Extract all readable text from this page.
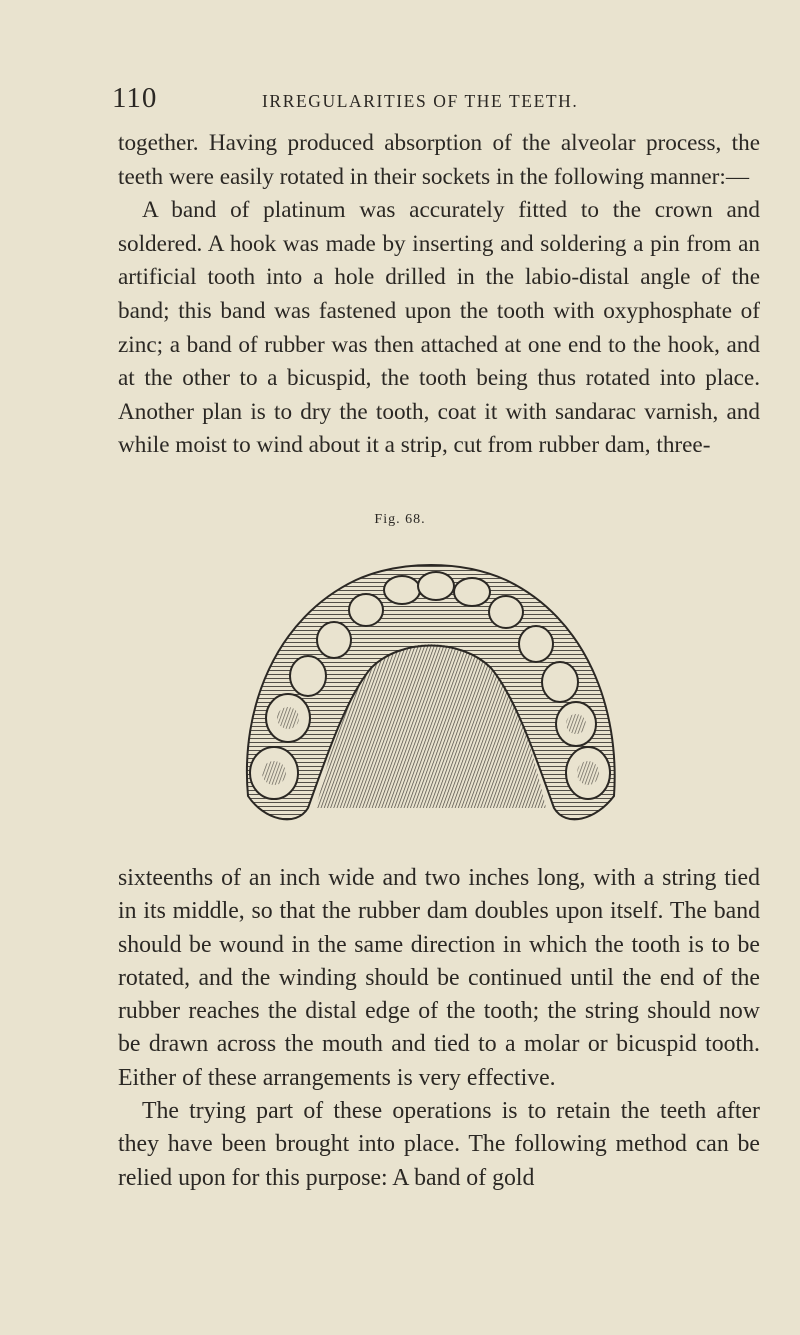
110	IRREGULARITIES OF THE TEETH.

together. Having produced absorption of the alveolar process, the teeth were easily rotated in their sockets in the following manner:—

A band of platinum was accurately fitted to the crown and soldered. A hook was made by inserting and soldering a pin from an artificial tooth into a hole drilled in the labio-distal angle of the band; this band was fastened upon the tooth with oxyphosphate of zinc; a band of rubber was then attached at one end to the hook, and at the other to a bicuspid, the tooth being thus rotated into place. Another plan is to dry the tooth, coat it with sandarac varnish, and while moist to wind about it a strip, cut from rubber dam, three-

Fig. 68.

sixteenths of an inch wide and two inches long, with a string tied in its middle, so that the rubber dam doubles upon itself. The band should be wound in the same direction in which the tooth is to be rotated, and the winding should be continued until the end of the rubber reaches the distal edge of the tooth; the string should now be drawn across the mouth and tied to a molar or bicuspid tooth. Either of these arrangements is very effective.

The trying part of these operations is to retain the teeth after they have been brought into place. The following method can be relied upon for this purpose: A band of gold
